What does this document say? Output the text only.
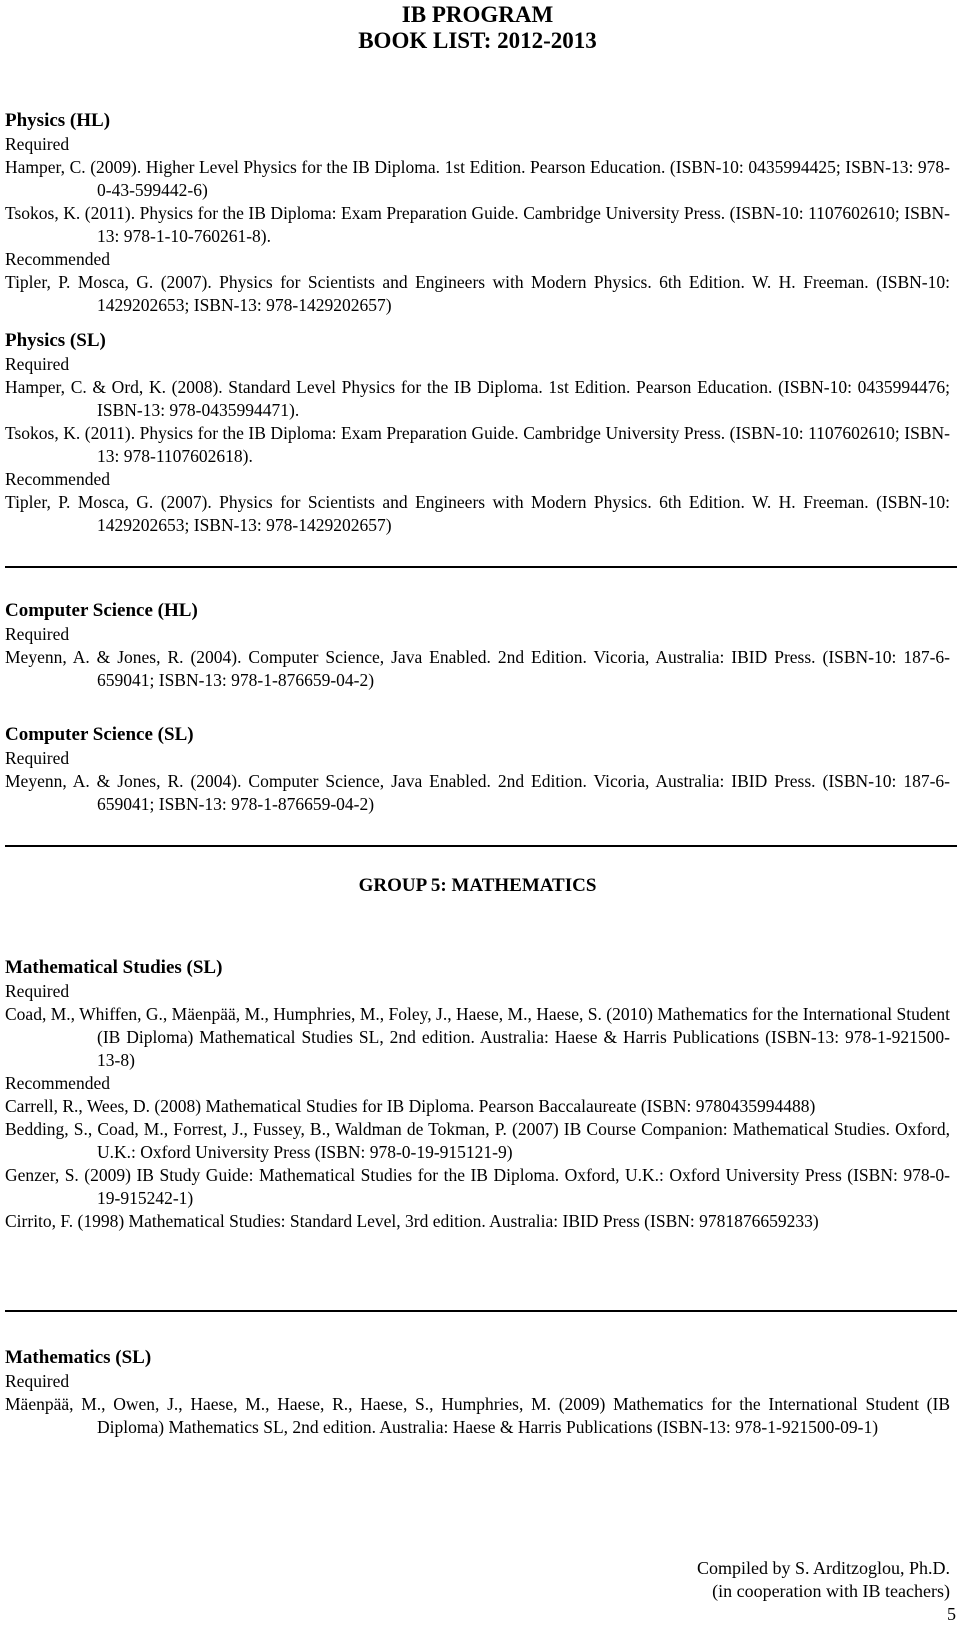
IB PROGRAM
BOOK LIST: 2012-2013
Physics (HL)
Required
Hamper, C. (2009). Higher Level Physics for the IB Diploma. 1st Edition. Pearson Education. (ISBN-10: 0435994425; ISBN-13: 978-0-43-599442-6)
Tsokos, K. (2011). Physics for the IB Diploma: Exam Preparation Guide. Cambridge University Press. (ISBN-10: 1107602610; ISBN-13: 978-1-10-760261-8).
Recommended
Tipler, P. Mosca, G. (2007). Physics for Scientists and Engineers with Modern Physics. 6th Edition. W. H. Freeman. (ISBN-10: 1429202653; ISBN-13: 978-1429202657)
Physics (SL)
Required
Hamper, C. & Ord, K. (2008). Standard Level Physics for the IB Diploma. 1st Edition. Pearson Education. (ISBN-10: 0435994476; ISBN-13: 978-0435994471).
Tsokos, K. (2011). Physics for the IB Diploma: Exam Preparation Guide. Cambridge University Press. (ISBN-10: 1107602610; ISBN-13: 978-1107602618).
Recommended
Tipler, P. Mosca, G. (2007). Physics for Scientists and Engineers with Modern Physics. 6th Edition. W. H. Freeman. (ISBN-10: 1429202653; ISBN-13: 978-1429202657)
Computer Science (HL)
Required
Meyenn, A. & Jones, R. (2004). Computer Science, Java Enabled. 2nd Edition. Vicoria, Australia: IBID Press. (ISBN-10: 187-6-659041; ISBN-13: 978-1-876659-04-2)
Computer Science (SL)
Required
Meyenn, A. & Jones, R. (2004). Computer Science, Java Enabled. 2nd Edition. Vicoria, Australia: IBID Press. (ISBN-10: 187-6-659041; ISBN-13: 978-1-876659-04-2)
GROUP 5: MATHEMATICS
Mathematical Studies (SL)
Required
Coad, M., Whiffen, G., Mäenpää, M., Humphries, M., Foley, J., Haese, M., Haese, S. (2010) Mathematics for the International Student (IB Diploma) Mathematical Studies SL, 2nd edition. Australia: Haese & Harris Publications (ISBN-13: 978-1-921500-13-8)
Recommended
Carrell, R., Wees, D. (2008) Mathematical Studies for IB Diploma. Pearson Baccalaureate (ISBN: 9780435994488)
Bedding, S., Coad, M., Forrest, J., Fussey, B., Waldman de Tokman, P. (2007) IB Course Companion: Mathematical Studies. Oxford, U.K.: Oxford University Press (ISBN: 978-0-19-915121-9)
Genzer, S. (2009) IB Study Guide: Mathematical Studies for the IB Diploma. Oxford, U.K.: Oxford University Press (ISBN: 978-0-19-915242-1)
Cirrito, F. (1998) Mathematical Studies: Standard Level, 3rd edition. Australia: IBID Press (ISBN: 9781876659233)
Mathematics (SL)
Required
Mäenpää, M., Owen, J., Haese, M., Haese, R., Haese, S., Humphries, M. (2009) Mathematics for the International Student (IB Diploma) Mathematics SL, 2nd edition. Australia: Haese & Harris Publications (ISBN-13: 978-1-921500-09-1)
Compiled by S. Arditzoglou, Ph.D.
(in cooperation with IB teachers)
5
